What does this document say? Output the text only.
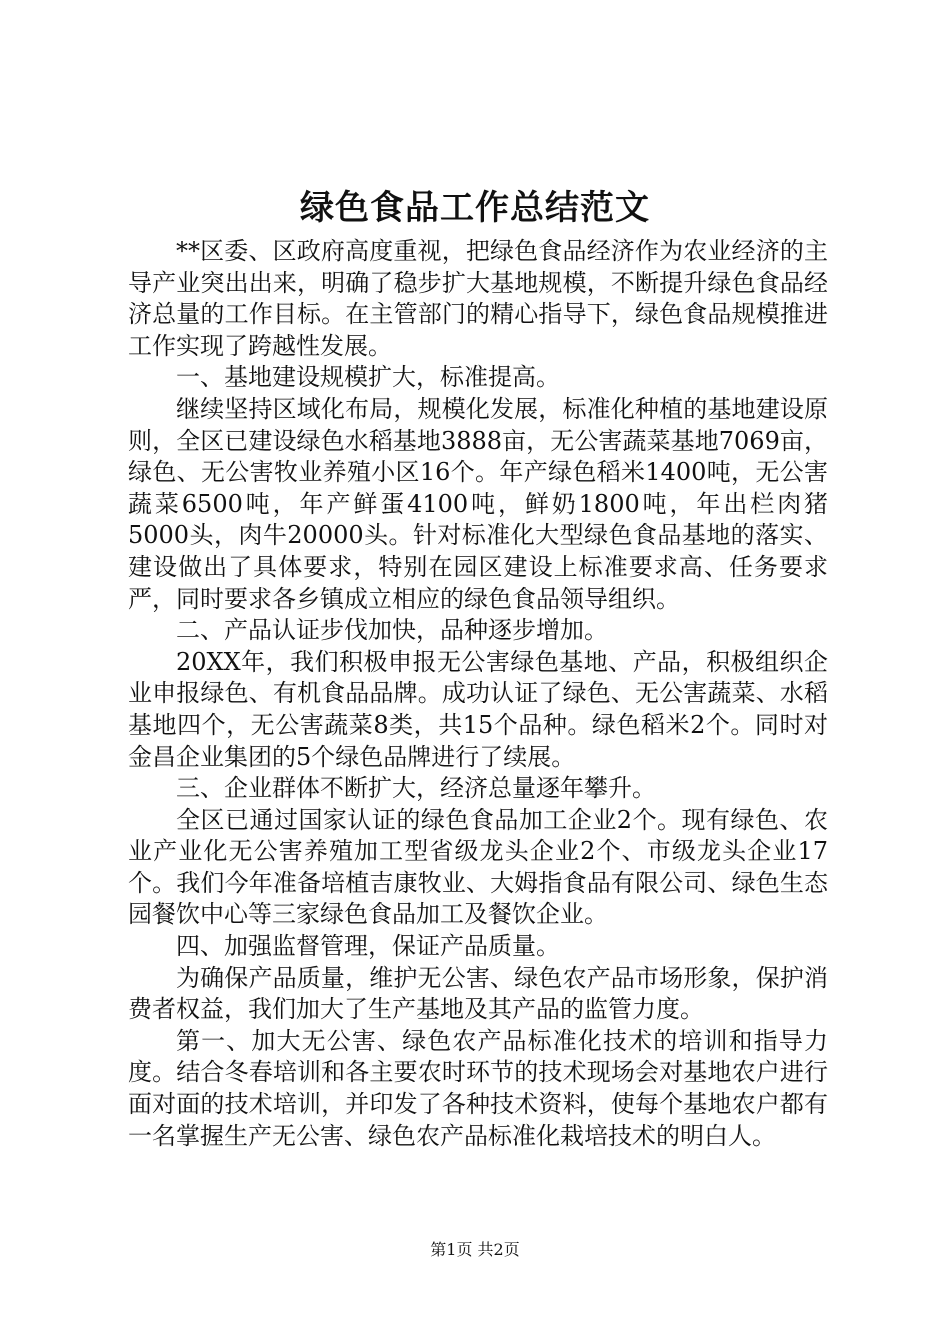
绿色食品工作总结范文

**区委、区政府高度重视，把绿色食品经济作为农业经济的主导产业突出出来，明确了稳步扩大基地规模，不断提升绿色食品经济总量的工作目标。在主管部门的精心指导下，绿色食品规模推进工作实现了跨越性发展。

一、基地建设规模扩大，标准提高。

继续坚持区域化布局，规模化发展，标准化种植的基地建设原则，全区已建设绿色水稻基地3888亩，无公害蔬菜基地7069亩，绿色、无公害牧业养殖小区16个。年产绿色稻米1400吨，无公害蔬菜6500吨，年产鲜蛋4100吨，鲜奶1800吨，年出栏肉猪5000头，肉牛20000头。针对标准化大型绿色食品基地的落实、建设做出了具体要求，特别在园区建设上标准要求高、任务要求严，同时要求各乡镇成立相应的绿色食品领导组织。

二、产品认证步伐加快，品种逐步增加。

20XX年，我们积极申报无公害绿色基地、产品，积极组织企业申报绿色、有机食品品牌。成功认证了绿色、无公害蔬菜、水稻基地四个，无公害蔬菜8类，共15个品种。绿色稻米2个。同时对金昌企业集团的5个绿色品牌进行了续展。

三、企业群体不断扩大，经济总量逐年攀升。

全区已通过国家认证的绿色食品加工企业2个。现有绿色、农业产业化无公害养殖加工型省级龙头企业2个、市级龙头企业17个。我们今年准备培植吉康牧业、大姆指食品有限公司、绿色生态园餐饮中心等三家绿色食品加工及餐饮企业。

四、加强监督管理，保证产品质量。

为确保产品质量，维护无公害、绿色农产品市场形象，保护消费者权益，我们加大了生产基地及其产品的监管力度。

第一、加大无公害、绿色农产品标准化技术的培训和指导力度。结合冬春培训和各主要农时环节的技术现场会对基地农户进行面对面的技术培训，并印发了各种技术资料，使每个基地农户都有一名掌握生产无公害、绿色农产品标准化栽培技术的明白人。

第1页 共2页
